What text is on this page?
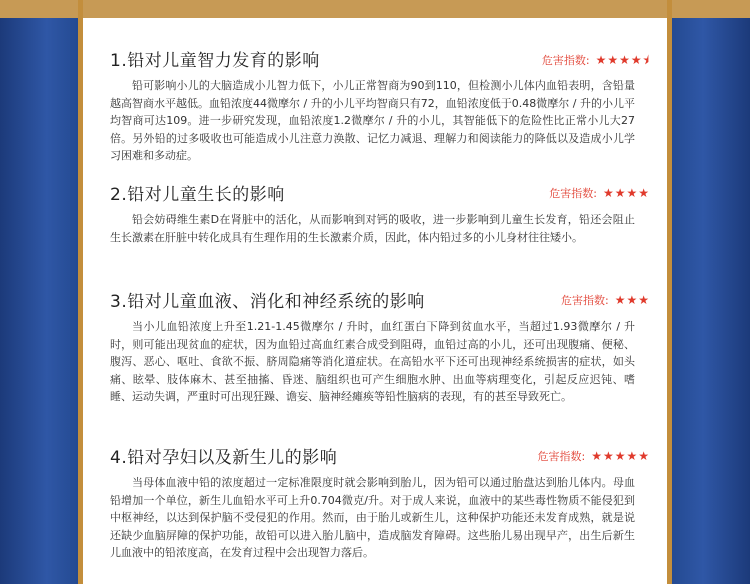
1.铅对儿童智力发育的影响	危害指数: ★★★★⯨
铅可影响小儿的大脑造成小儿智力低下，小儿正常智商为90到110，但检测小儿体内血铅表明，含铅量越高智商水平越低。血铅浓度44微摩尔 / 升的小儿平均智商只有72，血铅浓度低于0.48微摩尔 / 升的小儿平均智商可达109。进一步研究发现，血铅浓度1.2微摩尔 / 升的小儿，其智能低下的危险性比正常小儿大27倍。另外铅的过多吸收也可能造成小儿注意力涣散、记忆力减退、理解力和阅读能力的降低以及造成小儿学习困难和多动症。
2.铅对儿童生长的影响	危害指数: ★★★★
铅会妨碍维生素D在肾脏中的活化，从而影响到对钙的吸收，进一步影响到儿童生长发育，铅还会阻止生长激素在肝脏中转化成具有生理作用的生长激素介质，因此，体内铅过多的小儿身材往往矮小。
3.铅对儿童血液、消化和神经系统的影响	危害指数: ★★★
当小儿血铅浓度上升至1.21-1.45微摩尔 / 升时，血红蛋白下降到贫血水平，当超过1.93微摩尔 / 升时，则可能出现贫血的症状，因为血铅过高血红素合成受到阻碍，血铅过高的小儿，还可出现腹痛、便秘、腹泻、恶心、呕吐、食欲不振、脐周隐痛等消化道症状。在高铅水平下还可出现神经系统损害的症状，如头痛、眩晕、肢体麻木、甚至抽搐、昏迷、脑组织也可产生细胞水肿、出血等病理变化，引起反应迟钝、嗜睡、运动失调，严重时可出现狂躁、谵妄、脑神经瘫痪等铅性脑病的表现，有的甚至导致死亡。
4.铅对孕妇以及新生儿的影响	危害指数: ★★★★★
当母体血液中铅的浓度超过一定标准限度时就会影响到胎儿，因为铅可以通过胎盘达到胎儿体内。母血铅增加一个单位，新生儿血铅水平可上升0.704微克/升。对于成人来说，血液中的某些毒性物质不能侵犯到中枢神经，以达到保护脑不受侵犯的作用。然而，由于胎儿或新生儿，这种保护功能还未发育成熟，就是说还缺少血脑屏障的保护功能，故铅可以进入胎儿脑中，造成脑发育障碍。这些胎儿易出现早产，出生后新生儿血液中的铅浓度高，在发育过程中会出现智力落后。
